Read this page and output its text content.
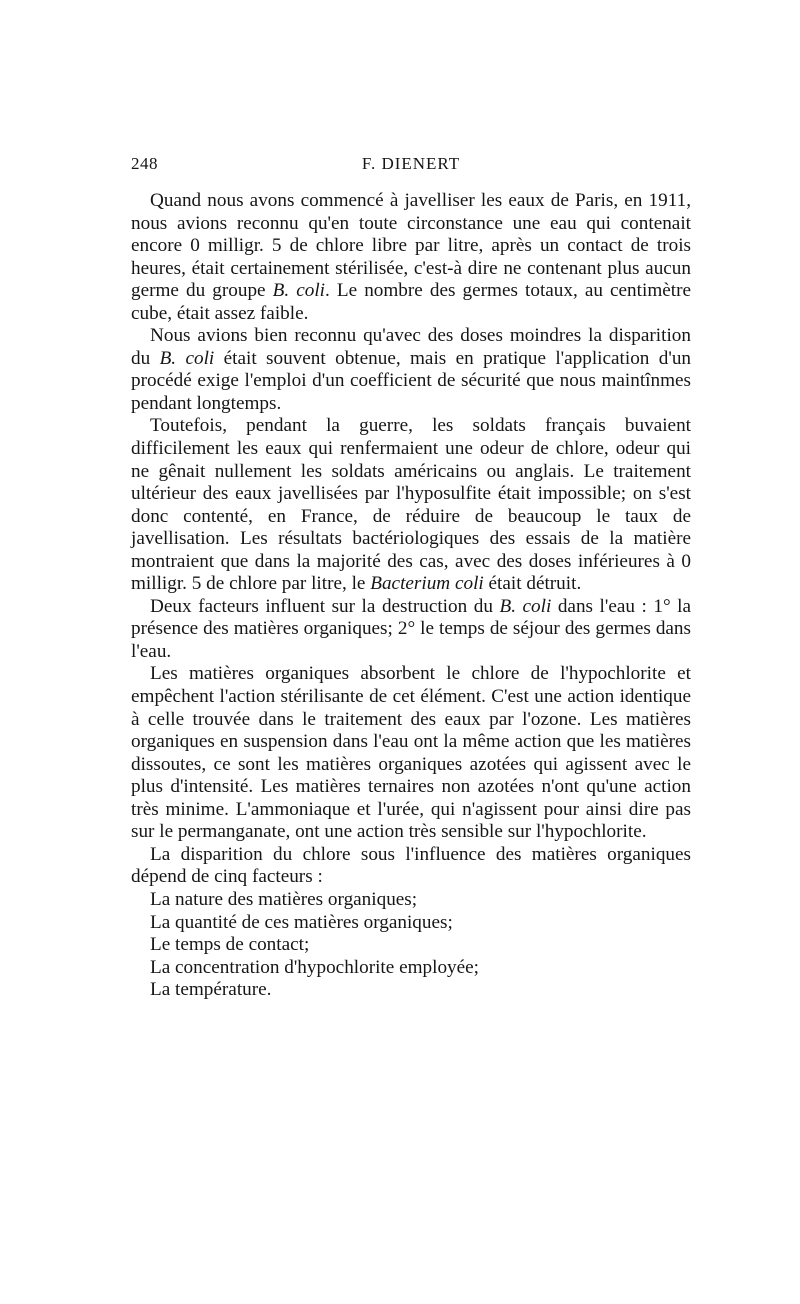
248	F. DIENERT

Quand nous avons commencé à javelliser les eaux de Paris, en 1911, nous avions reconnu qu'en toute circonstance une eau qui contenait encore 0 milligr. 5 de chlore libre par litre, après un contact de trois heures, était certainement stérilisée, c'est-à dire ne contenant plus aucun germe du groupe B. coli. Le nombre des germes totaux, au centimètre cube, était assez faible.

Nous avions bien reconnu qu'avec des doses moindres la disparition du B. coli était souvent obtenue, mais en pratique l'application d'un procédé exige l'emploi d'un coefficient de sécurité que nous maintînmes pendant longtemps.

Toutefois, pendant la guerre, les soldats français buvaient difficilement les eaux qui renfermaient une odeur de chlore, odeur qui ne gênait nullement les soldats américains ou anglais. Le traitement ultérieur des eaux javellisées par l'hyposulfite était impossible; on s'est donc contenté, en France, de réduire de beaucoup le taux de javellisation. Les résultats bactériologiques des essais de la matière montraient que dans la majorité des cas, avec des doses inférieures à 0 milligr. 5 de chlore par litre, le Bacterium coli était détruit.

Deux facteurs influent sur la destruction du B. coli dans l'eau : 1° la présence des matières organiques; 2° le temps de séjour des germes dans l'eau.

Les matières organiques absorbent le chlore de l'hypochlorite et empêchent l'action stérilisante de cet élément. C'est une action identique à celle trouvée dans le traitement des eaux par l'ozone. Les matières organiques en suspension dans l'eau ont la même action que les matières dissoutes, ce sont les matières organiques azotées qui agissent avec le plus d'intensité. Les matières ternaires non azotées n'ont qu'une action très minime. L'ammoniaque et l'urée, qui n'agissent pour ainsi dire pas sur le permanganate, ont une action très sensible sur l'hypochlorite.

La disparition du chlore sous l'influence des matières organiques dépend de cinq facteurs :

La nature des matières organiques;
La quantité de ces matières organiques;
Le temps de contact;
La concentration d'hypochlorite employée;
La température.
